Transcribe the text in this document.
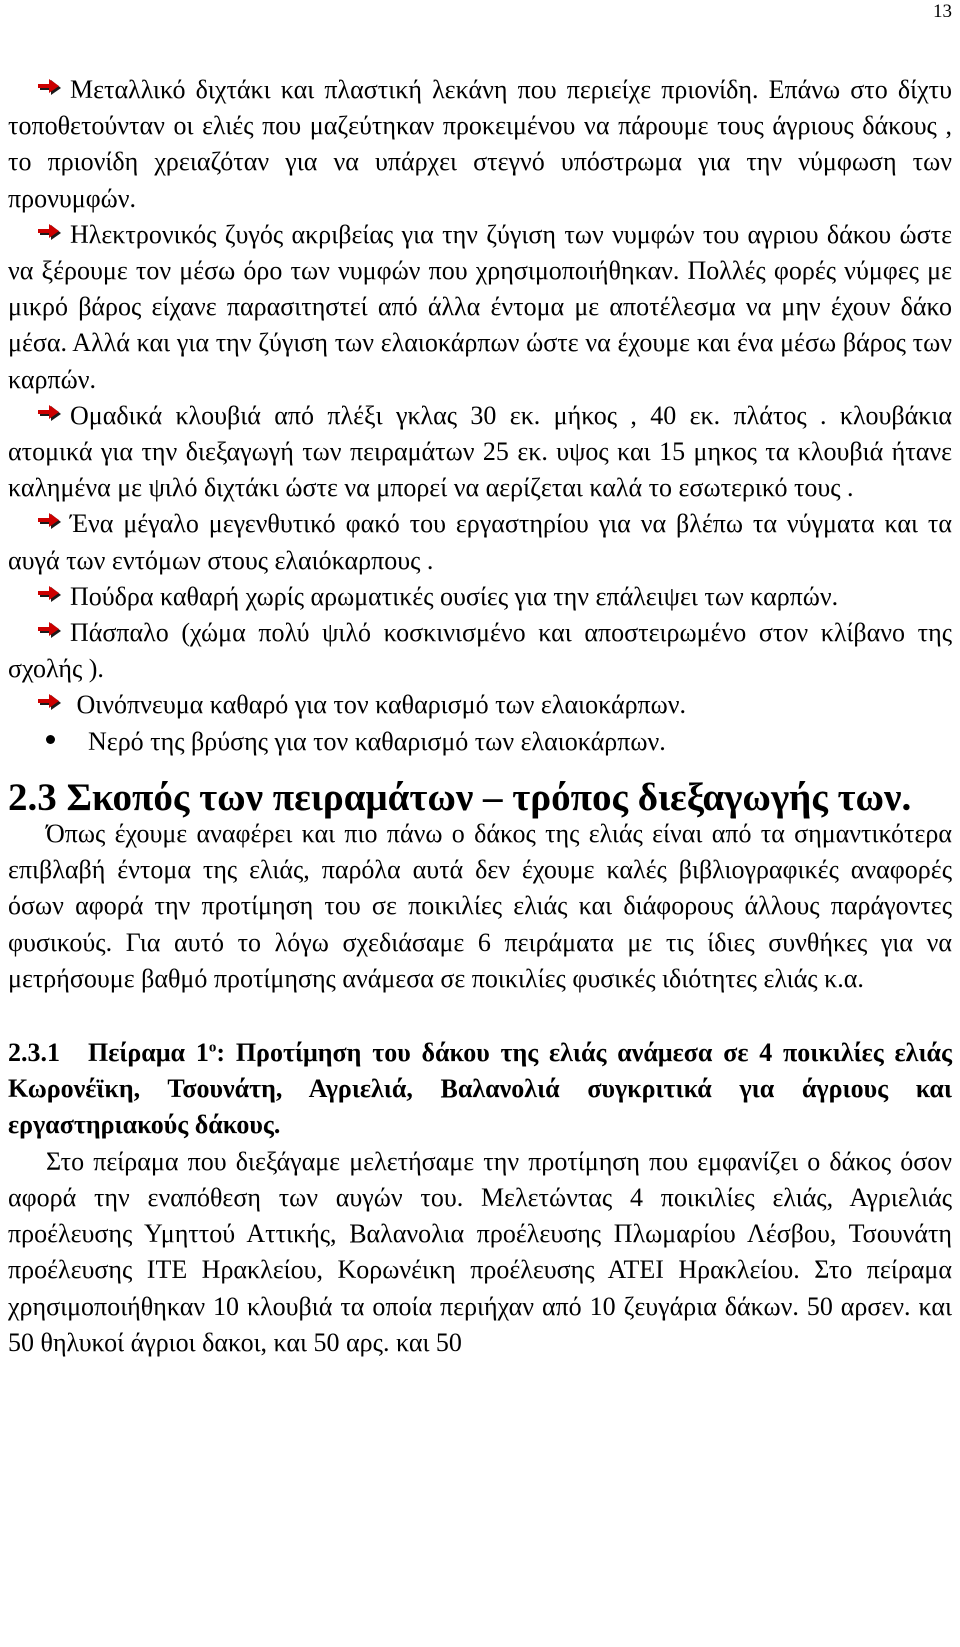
13

Μεταλλικό διχτάκι και πλαστική λεκάνη που περιείχε πριονίδη. Επάνω στο δίχτυ τοποθετούνταν οι ελιές που μαζεύτηκαν προκειμένου να πάρουμε τους άγριους δάκους , το πριονίδη χρειαζόταν για να υπάρχει στεγνό υπόστρωμα για την νύμφωση των προνυμφών.

Ηλεκτρονικός ζυγός ακριβείας για την ζύγιση των νυμφών του αγριου δάκου ώστε να ξέρουμε τον μέσω όρο των νυμφών που χρησιμοποιήθηκαν. Πολλές φορές νύμφες με μικρό βάρος είχανε παρασιτηστεί από άλλα έντομα με αποτέλεσμα να μην έχουν δάκο μέσα. Αλλά και για την ζύγιση των ελαιοκάρπων ώστε να έχουμε και ένα μέσω βάρος των καρπών.

Ομαδικά κλουβιά από πλέξι γκλας 30 εκ. μήκος , 40 εκ. πλάτος . κλουβάκια ατομικά για την διεξαγωγή των πειραμάτων 25 εκ. υψος και 15 μηκος τα κλουβιά ήτανε καλημένα με ψιλό διχτάκι ώστε να μπορεί να αερίζεται καλά το εσωτερικό τους .

Ένα μέγαλο μεγενθυτικό φακό του εργαστηρίου για να βλέπω τα νύγματα και τα αυγά των εντόμων στους ελαιόκαρπους .

Πούδρα καθαρή χωρίς αρωματικές ουσίες για την επάλειψει των καρπών.

Πάσπαλο (χώμα πολύ ψιλό κοσκινισμένο και αποστειρωμένο στον κλίβανο της σχολής ).

Οινόπνευμα καθαρό για τον καθαρισμό των ελαιοκάρπων.

Νερό της βρύσης για τον καθαρισμό των ελαιοκάρπων.

2.3 Σκοπός των πειραμάτων – τρόπος διεξαγωγής των.

Όπως έχουμε αναφέρει και πιο πάνω ο δάκος της ελιάς είναι από τα σημαντικότερα επιβλαβή έντομα της ελιάς, παρόλα αυτά δεν έχουμε καλές βιβλιογραφικές αναφορές όσων αφορά την προτίμηση του σε ποικιλίες ελιάς και διάφορους άλλους παράγοντες φυσικούς. Για αυτό το λόγω σχεδιάσαμε 6 πειράματα με τις ίδιες συνθήκες για να μετρήσουμε βαθμό προτίμησης ανάμεσα σε ποικιλίες φυσικές ιδιότητες ελιάς κ.α.

2.3.1 Πείραμα $1^o$: Προτίμηση του δάκου της ελιάς ανάμεσα σε 4 ποικιλίες ελιάς Κωρονέϊκη, Τσουνάτη, Αγριελιά, Βαλανολιά συγκριτικά για άγριους και εργαστηριακούς δάκους.

Στο πείραμα που διεξάγαμε μελετήσαμε την προτίμηση που εμφανίζει ο δάκος όσον αφορά την εναπόθεση των αυγών του. Μελετώντας 4 ποικιλίες ελιάς, Αγριελιάς προέλευσης Υμηττού Αττικής, Βαλανολια προέλευσης Πλωμαρίου Λέσβου, Τσουνάτη προέλευσης ΙΤΕ Ηρακλείου, Κορωνέικη προέλευσης ΑΤΕΙ Ηρακλείου. Στο πείραμα χρησιμοποιήθηκαν 10 κλουβιά τα οποία περιήχαν από 10 ζευγάρια δάκων. 50 αρσεν. και 50 θηλυκοί άγριοι δακοι, και 50 αρς. και 50
